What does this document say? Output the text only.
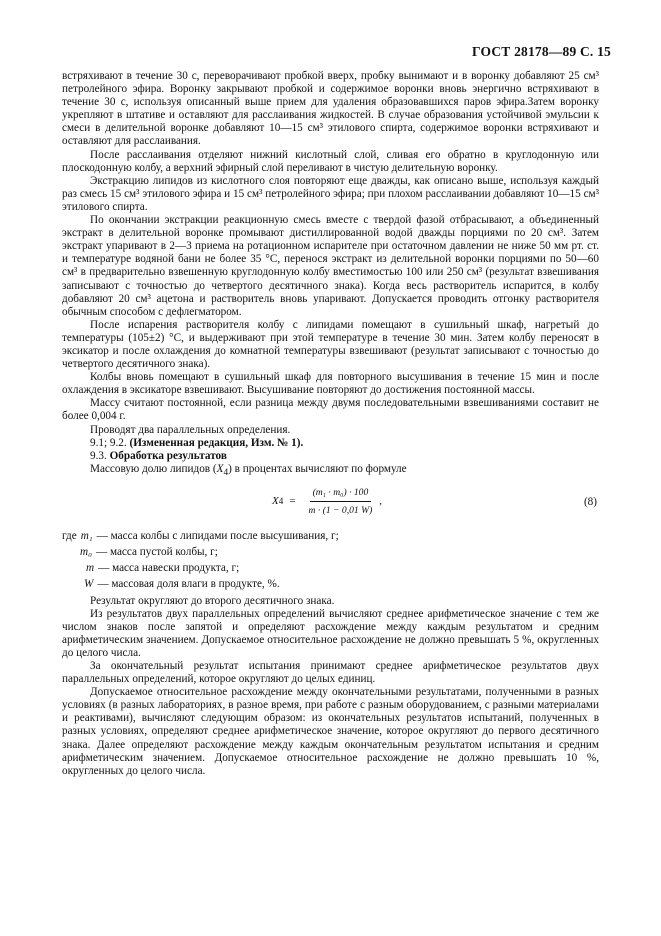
ГОСТ 28178—89 С. 15

встряхивают в течение 30 с, переворачивают пробкой вверх, пробку вынимают и в воронку добавляют 25 см³ петролейного эфира. Воронку закрывают пробкой и содержимое воронки вновь энергично встряхивают в течение 30 с, используя описанный выше прием для удаления образовавшихся паров эфира.Затем воронку укрепляют в штативе и оставляют для расслаивания жидкостей. В случае образования устойчивой эмульсии к смеси в делительной воронке добавляют 10—15 см³ этилового спирта, содержимое воронки встряхивают и оставляют для расслаивания.

После расслаивания отделяют нижний кислотный слой, сливая его обратно в круглодонную или плоскодонную колбу, а верхний эфирный слой переливают в чистую делительную воронку.

Экстракцию липидов из кислотного слоя повторяют еще дважды, как описано выше, используя каждый раз смесь 15 см³ этилового эфира и 15 см³ петролейного эфира; при плохом расслаивании добавляют 10—15 см³ этилового спирта.

По окончании экстракции реакционную смесь вместе с твердой фазой отбрасывают, а объединенный экстракт в делительной воронке промывают дистиллированной водой дважды порциями по 20 см³. Затем экстракт упаривают в 2—3 приема на ротационном испарителе при остаточном давлении не ниже 50 мм рт. ст. и температуре водяной бани не более 35 °С, перенося экстракт из делительной воронки порциями по 50—60 см³ в предварительно взвешенную круглодонную колбу вместимостью 100 или 250 см³ (результат взвешивания записывают с точностью до четвертого десятичного знака). Когда весь растворитель испарится, в колбу добавляют 20 см³ ацетона и растворитель вновь упаривают. Допускается проводить отгонку растворителя обычным способом с дефлегматором.

После испарения растворителя колбу с липидами помещают в сушильный шкаф, нагретый до температуры (105±2) °С, и выдерживают при этой температуре в течение 30 мин. Затем колбу переносят в эксикатор и после охлаждения до комнатной температуры взвешивают (результат записывают с точностью до четвертого десятичного знака).

Колбы вновь помещают в сушильный шкаф для повторного высушивания в течение 15 мин и после охлаждения в эксикаторе взвешивают. Высушивание повторяют до достижения постоянной массы.

Массу считают постоянной, если разница между двумя последовательными взвешиваниями составит не более 0,004 г.

Проводят два параллельных определения.

9.1; 9.2. (Измененная редакция, Изм. № 1).

9.3. Обработка результатов

Массовую долю липидов $(X_4)$ в процентах вычисляют по формуле

X $4 = \frac{\text{(m₁ · m₀) · 100}}{m \cdot (1 - 0,01 W)}$ ,	(8)
где m₁ — масса колбы с липидами после высушивания, г;
m₀ — масса пустой колбы, г;
m — масса навески продукта, г;
W — массовая доля влаги в продукте, %.

Результат округляют до второго десятичного знака.

Из результатов двух параллельных определений вычисляют среднее арифметическое значение с тем же числом знаков после запятой и определяют расхождение между каждым результатом и средним арифметическим значением. Допускаемое относительное расхождение не должно превышать 5 %, округленных до целого числа.

За окончательный результат испытания принимают среднее арифметическое результатов двух параллельных определений, которое округляют до целых единиц.

Допускаемое относительное расхождение между окончательными результатами, полученными в разных условиях (в разных лабораториях, в разное время, при работе с разным оборудованием, с разными материалами и реактивами), вычисляют следующим образом: из окончательных результатов испытаний, полученных в разных условиях, определяют среднее арифметическое значение, которое округляют до первого десятичного знака. Далее определяют расхождение между каждым окончательным результатом испытания и средним арифметическим значением. Допускаемое относительное расхождение не должно превышать 10 %, округленных до целого числа.
